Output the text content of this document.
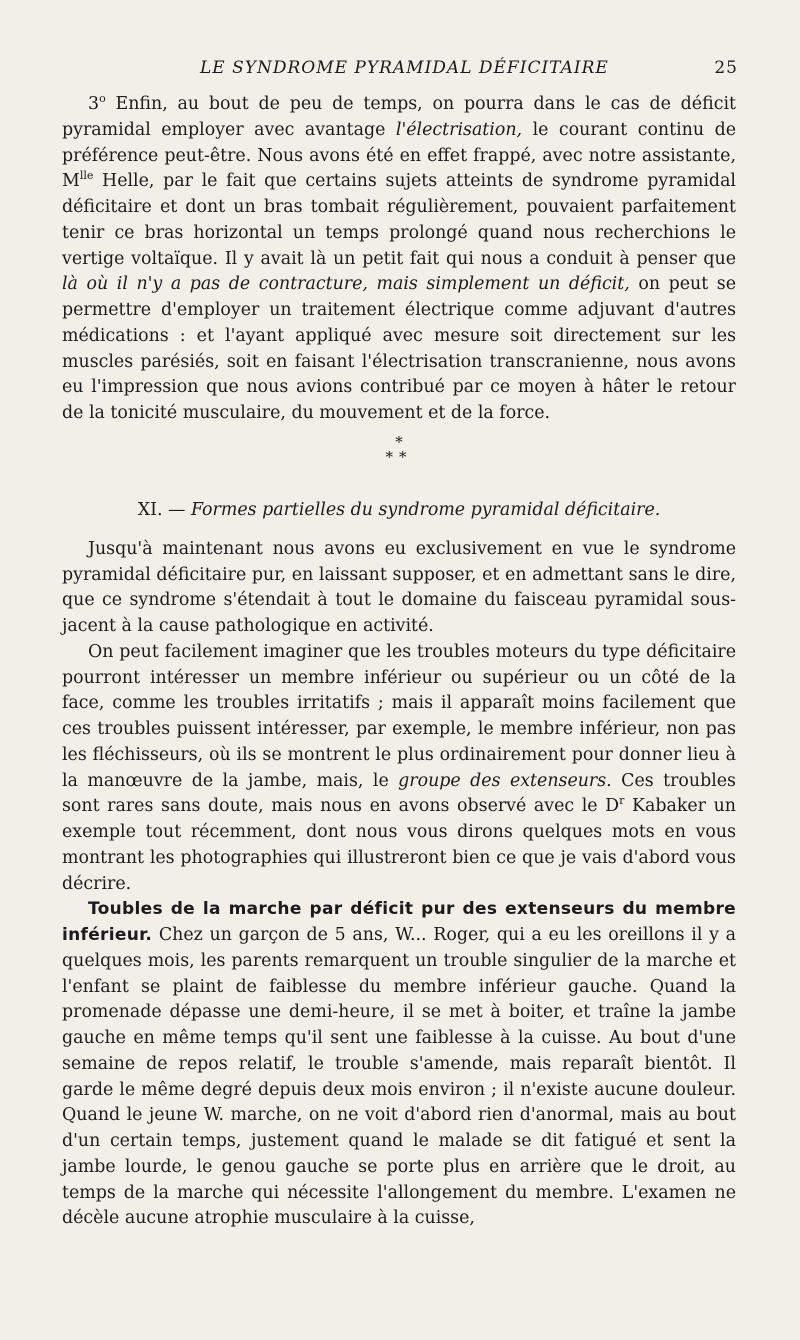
LE SYNDROME PYRAMIDAL DÉFICITAIRE	25

3$^o$ Enfin, au bout de peu de temps, on pourra dans le cas de déficit pyramidal employer avec avantage l'électrisation, le courant continu de préférence peut-être. Nous avons été en effet frappé, avec notre assistante, $M^{lle}$ Helle, par le fait que certains sujets atteints de syndrome pyramidal déficitaire et dont un bras tombait régulièrement, pouvaient parfaitement tenir ce bras horizontal un temps prolongé quand nous recherchions le vertige voltaïque. Il y avait là un petit fait qui nous a conduit à penser que là où il n'y a pas de contracture, mais simplement un déficit, on peut se permettre d'employer un traitement électrique comme adjuvant d'autres médications : et l'ayant appliqué avec mesure soit directement sur les muscles parésiés, soit en faisant l'électrisation transcranienne, nous avons eu l'impression que nous avions contribué par ce moyen à hâter le retour de la tonicité musculaire, du mouvement et de la force.

*
**
XI. — Formes partielles du syndrome pyramidal déficitaire.

Jusqu'à maintenant nous avons eu exclusivement en vue le syndrome pyramidal déficitaire pur, en laissant supposer, et en admettant sans le dire, que ce syndrome s'étendait à tout le domaine du faisceau pyramidal sous-jacent à la cause pathologique en activité.

On peut facilement imaginer que les troubles moteurs du type déficitaire pourront intéresser un membre inférieur ou supérieur ou un côté de la face, comme les troubles irritatifs ; mais il apparaît moins facilement que ces troubles puissent intéresser, par exemple, le membre inférieur, non pas les fléchisseurs, où ils se montrent le plus ordinairement pour donner lieu à la manœuvre de la jambe, mais, le groupe des extenseurs. Ces troubles sont rares sans doute, mais nous en avons observé avec le $D^r$ Kabaker un exemple tout récemment, dont nous vous dirons quelques mots en vous montrant les photographies qui illustreront bien ce que je vais d'abord vous décrire.

Toubles de la marche par déficit pur des extenseurs du membre inférieur. Chez un garçon de 5 ans, W... Roger, qui a eu les oreillons il y a quelques mois, les parents remarquent un trouble singulier de la marche et l'enfant se plaint de faiblesse du membre inférieur gauche. Quand la promenade dépasse une demi-heure, il se met à boiter, et traîne la jambe gauche en même temps qu'il sent une faiblesse à la cuisse. Au bout d'une semaine de repos relatif, le trouble s'amende, mais reparaît bientôt. Il garde le même degré depuis deux mois environ ; il n'existe aucune douleur. Quand le jeune W. marche, on ne voit d'abord rien d'anormal, mais au bout d'un certain temps, justement quand le malade se dit fatigué et sent la jambe lourde, le genou gauche se porte plus en arrière que le droit, au temps de la marche qui nécessite l'allongement du membre. L'examen ne décèle aucune atrophie musculaire à la cuisse,
